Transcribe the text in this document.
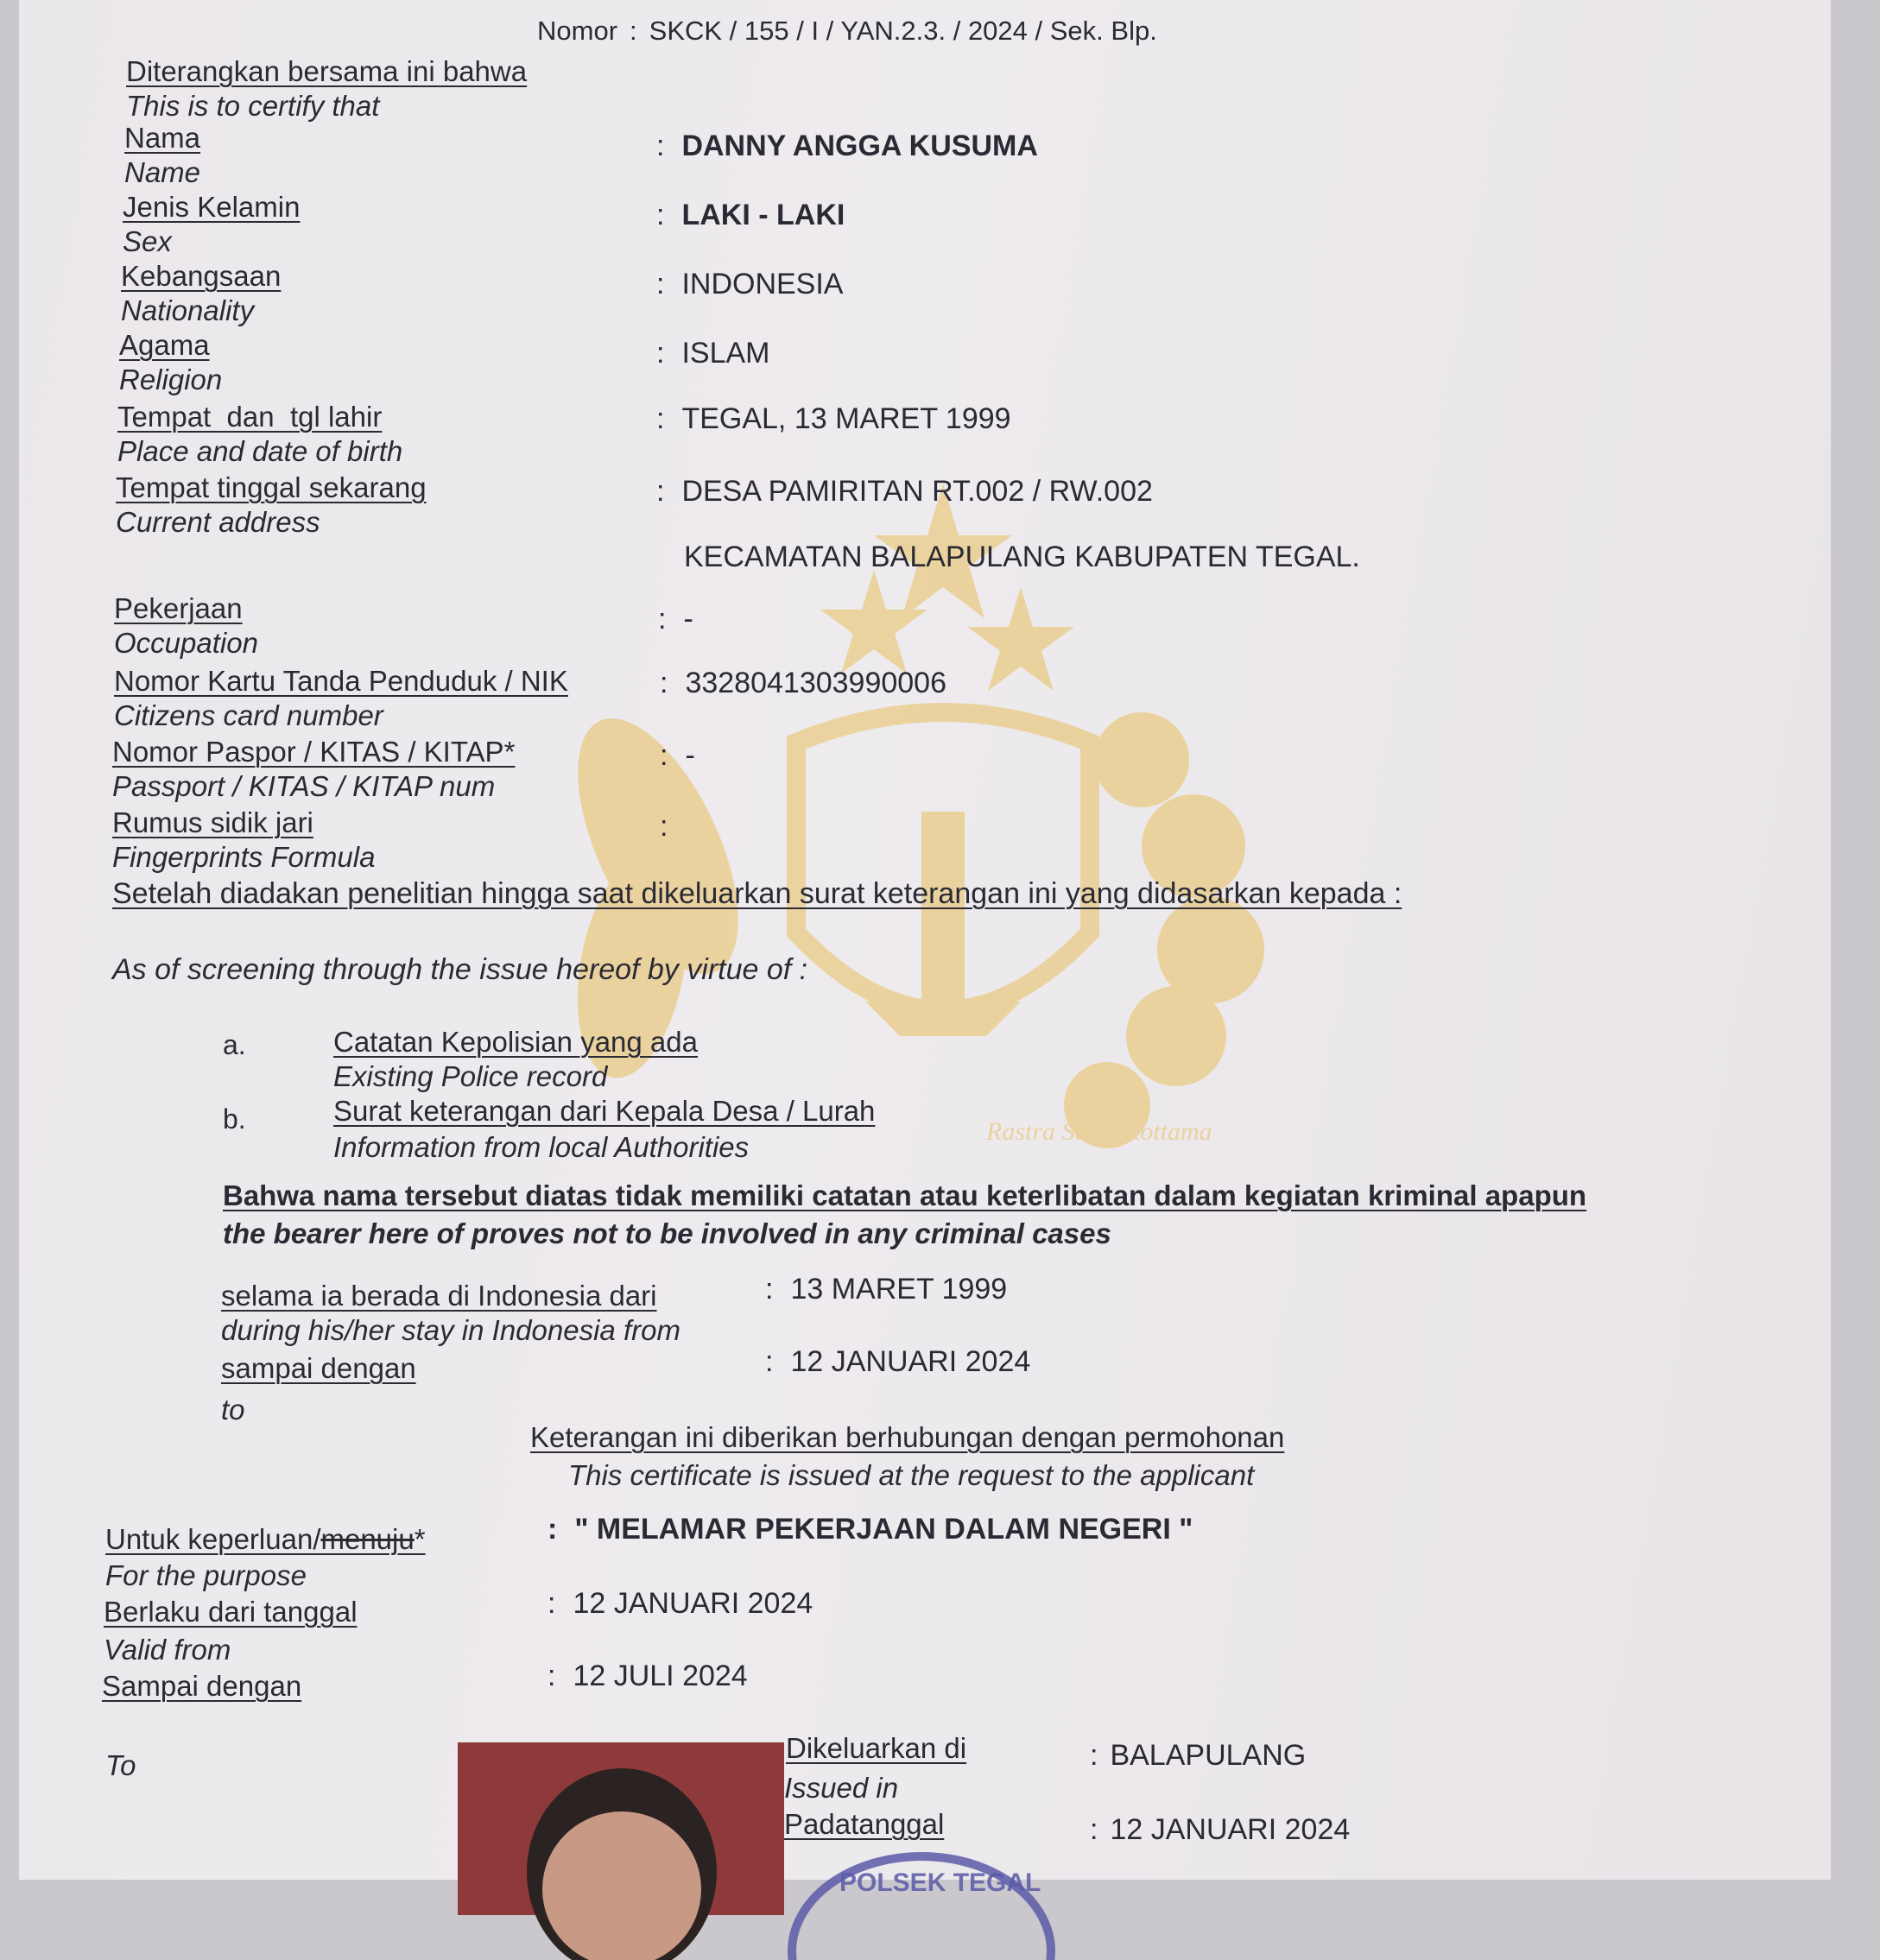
Rastra Sewa Kottama
Nomor : SKCK / 155 / I / YAN.2.3. / 2024 / Sek. Blp.
Diterangkan bersama ini bahwa
This is to certify that
Nama
Name
: DANNY ANGGA KUSUMA
Jenis Kelamin
Sex
: LAKI - LAKI
Kebangsaan
Nationality
: INDONESIA
Agama
Religion
: ISLAM
Tempat  dan  tgl lahir
Place and date of birth
: TEGAL, 13 MARET 1999
Tempat tinggal sekarang
Current address
: DESA PAMIRITAN RT.002 / RW.002
KECAMATAN BALAPULANG KABUPATEN TEGAL.
Pekerjaan
Occupation
: -
Nomor Kartu Tanda Penduduk / NIK
Citizens card number
: 3328041303990006
Nomor Paspor / KITAS / KITAP*
Passport / KITAS / KITAP num
: -
Rumus sidik jari
Fingerprints Formula
:
Setelah diadakan penelitian hingga saat dikeluarkan surat keterangan ini yang didasarkan kepada :
As of screening through the issue hereof by virtue of :
a.	Catatan Kepolisian yang ada
Existing Police record
b.	Surat keterangan dari Kepala Desa / Lurah
Information from local Authorities
Bahwa nama tersebut diatas tidak memiliki catatan atau keterlibatan dalam kegiatan kriminal apapun
the bearer here of proves not to be involved in any criminal cases
selama ia berada di Indonesia dari
during his/her stay in Indonesia from
: 13 MARET 1999
sampai dengan
to
: 12 JANUARI 2024
Keterangan ini diberikan berhubungan dengan permohonan
This certificate is issued at the request to the applicant
Untuk keperluan/menuju*
For the purpose
: " MELAMAR PEKERJAAN DALAM NEGERI "
Berlaku dari tanggal
Valid from
: 12 JANUARI 2024
Sampai dengan
To
: 12 JULI 2024
Dikeluarkan di
Issued in
: BALAPULANG
Padatanggal	: 12 JANUARI 2024
POLSEK TEGAL
